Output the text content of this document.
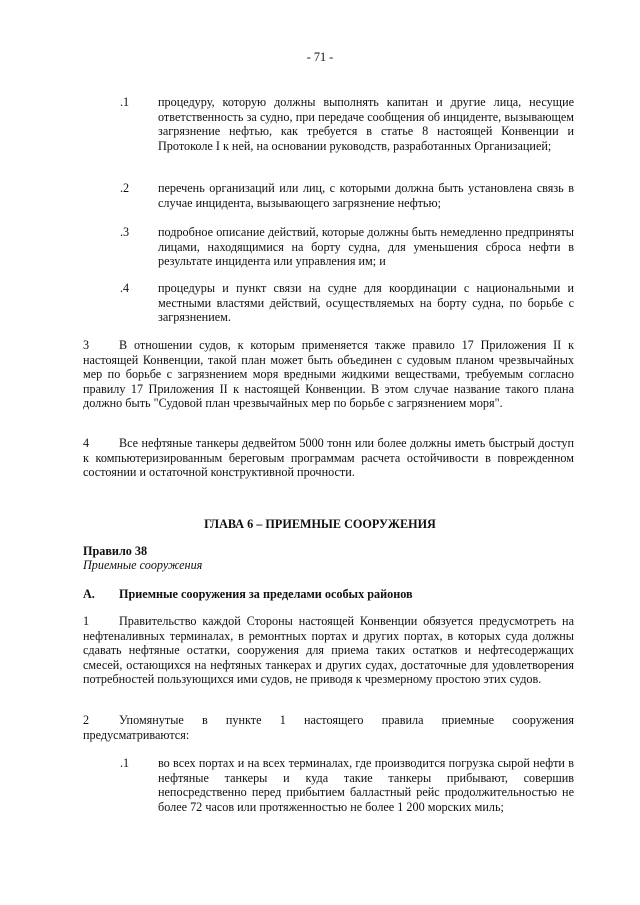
- 71 -
.1 процедуру, которую должны выполнять капитан и другие лица, несущие ответственность за судно, при передаче сообщения об инциденте, вызывающем загрязнение нефтью, как требуется в статье 8 настоящей Конвенции и Протоколе I к ней, на основании руководств, разработанных Организацией;
.2 перечень организаций или лиц, с которыми должна быть установлена связь в случае инцидента, вызывающего загрязнение нефтью;
.3 подробное описание действий, которые должны быть немедленно предприняты лицами, находящимися на борту судна, для уменьшения сброса нефти в результате инцидента или управления им; и
.4 процедуры и пункт связи на судне для координации с национальными и местными властями действий, осуществляемых на борту судна, по борьбе с загрязнением.
3	В отношении судов, к которым применяется также правило 17 Приложения II к настоящей Конвенции, такой план может быть объединен с судовым планом чрезвычайных мер по борьбе с загрязнением моря вредными жидкими веществами, требуемым согласно правилу 17 Приложения II к настоящей Конвенции. В этом случае название такого плана должно быть "Судовой план чрезвычайных мер по борьбе с загрязнением моря".
4	Все нефтяные танкеры дедвейтом 5000 тонн или более должны иметь быстрый доступ к компьютеризированным береговым программам расчета остойчивости в поврежденном состоянии и остаточной конструктивной прочности.
ГЛАВА 6 – ПРИЕМНЫЕ СООРУЖЕНИЯ
Правило 38
Приемные сооружения
A. Приемные сооружения за пределами особых районов
1	Правительство каждой Стороны настоящей Конвенции обязуется предусмотреть на нефтеналивных терминалах, в ремонтных портах и других портах, в которых суда должны сдавать нефтяные остатки, сооружения для приема таких остатков и нефтесодержащих смесей, остающихся на нефтяных танкерах и других судах, достаточные для удовлетворения потребностей пользующихся ими судов, не приводя к чрезмерному простою этих судов.
2	Упомянутые в пункте 1 настоящего правила приемные сооружения предусматриваются:
.1 во всех портах и на всех терминалах, где производится погрузка сырой нефти в нефтяные танкеры и куда такие танкеры прибывают, совершив непосредственно перед прибытием балластный рейс продолжительностью не более 72 часов или протяженностью не более 1 200 морских миль;
